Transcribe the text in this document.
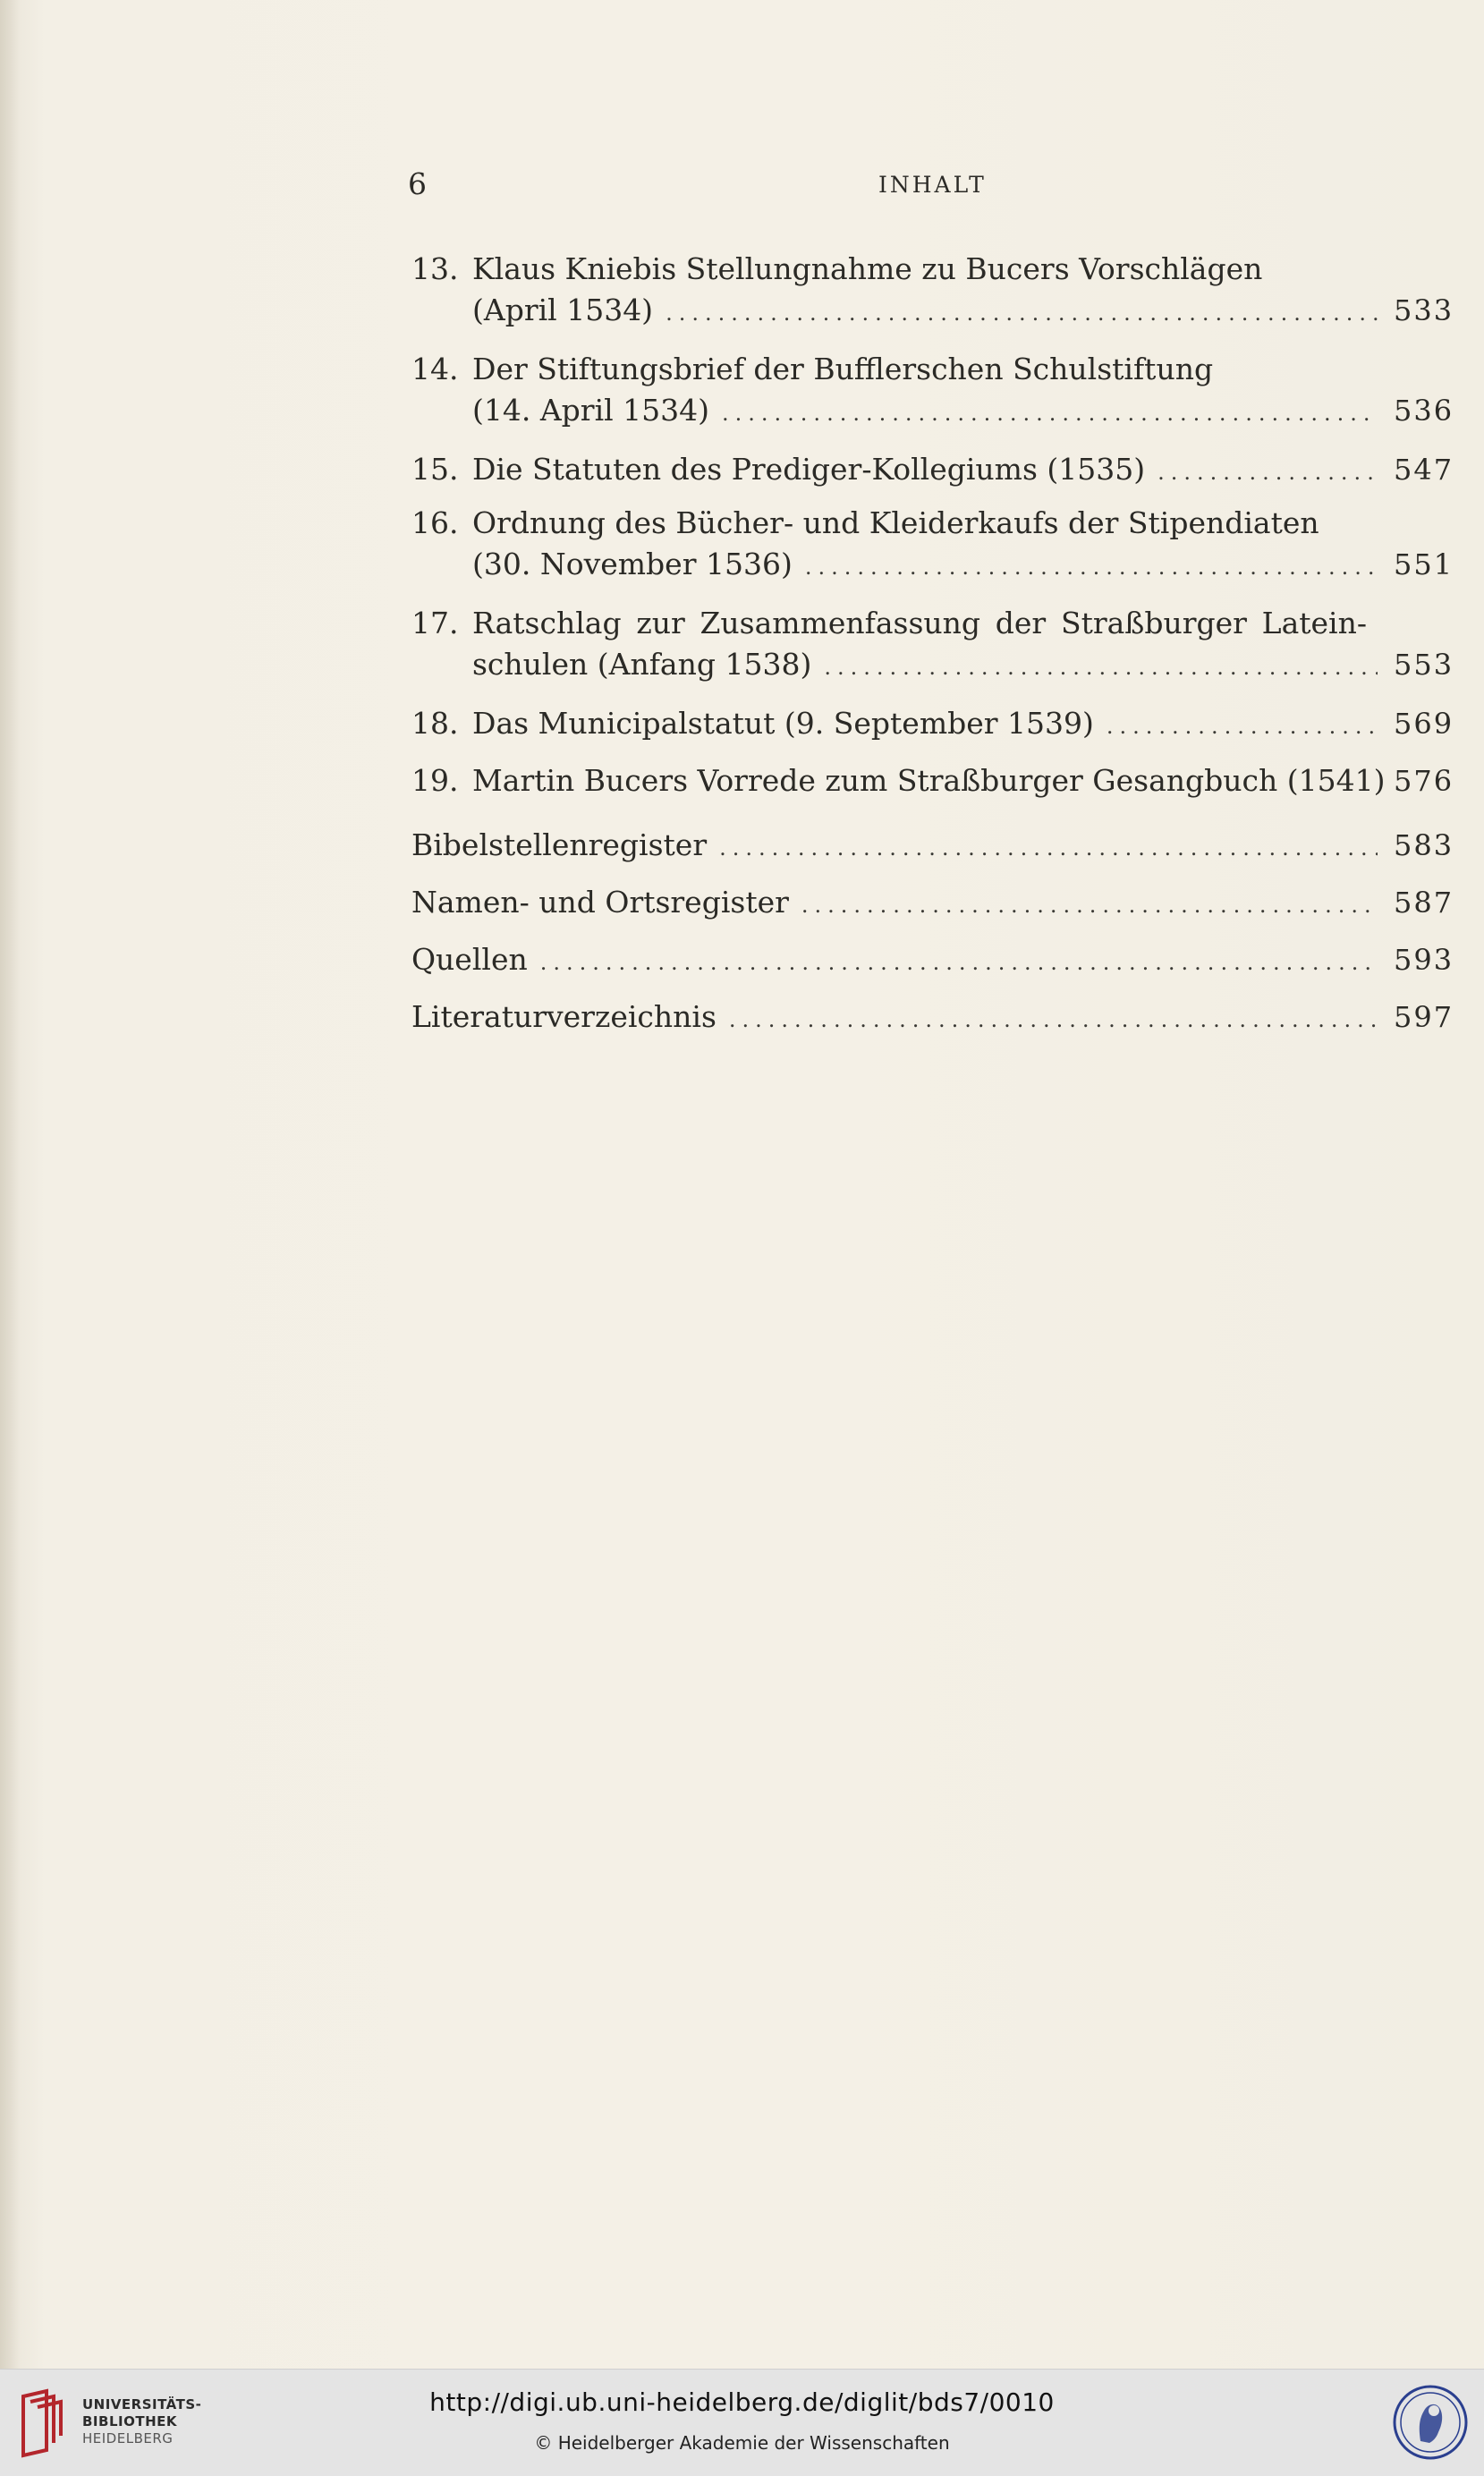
6	INHALT
13. Klaus Kniebis Stellungnahme zu Bucers Vorschlägen
(April 1534) .....	533
14. Der Stiftungsbrief der Bufflerschen Schulstiftung
(14. April 1534) .....	536
15. Die Statuten des Prediger-Kollegiums (1535) .....	547
16. Ordnung des Bücher- und Kleiderkaufs der Stipendiaten
(30. November 1536) .....	551
17. Ratschlag zur Zusammenfassung der Straßburger Latein-
schulen (Anfang 1538) .....	553
18. Das Municipalstatut (9. September 1539) .....	569
19. Martin Bucers Vorrede zum Straßburger Gesangbuch (1541) 576
Bibelstellenregister .....	583
Namen- und Ortsregister .....	587
Quellen .....	593
Literaturverzeichnis .....	597
UNIVERSITÄTS-
BIBLIOTHEK
HEIDELBERG
http://digi.ub.uni-heidelberg.de/diglit/bds7/0010
© Heidelberger Akademie der Wissenschaften
